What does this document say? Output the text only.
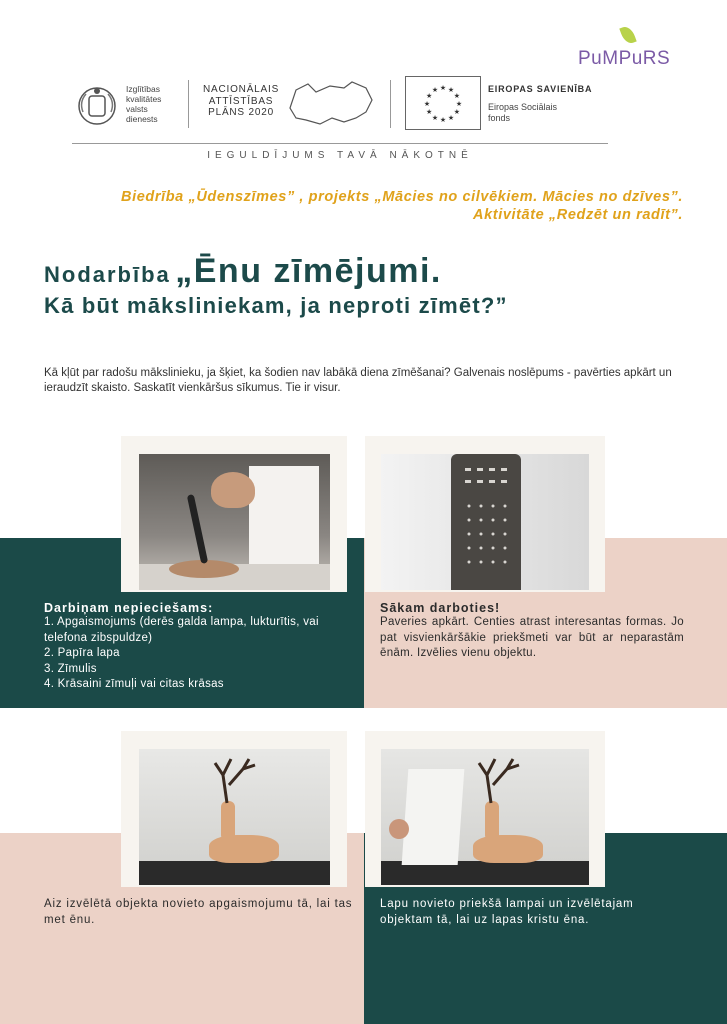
PuMPuRS
Izglītības
kvalitātes
valsts
dienests
NACIONĀLAIS
ATTĪSTĪBAS
PLĀNS 2020
★
★
★
★
★
★
★
★
★ ★ ★
★
EIROPAS SAVIENĪBA
Eiropas Sociālais
fonds
IEGULDĪJUMS TAVĀ NĀKOTNĒ
Biedrība „Ūdenszīmes” , projekts „Mācies no cilvēkiem. Mācies no dzīves”.
Aktivitāte „Redzēt un radīt”.
Nodarbība „Ēnu zīmējumi.
Kā būt māksliniekam, ja neproti zīmēt?”
Kā kļūt par radošu mākslinieku, ja šķiet, ka šodien nav labākā diena zīmēšanai? Galvenais noslēpums - pavērties apkārt un ieraudzīt skaisto. Saskatīt vienkāršus sīkumus. Tie ir visur.
Darbiņam nepieciešams:
1. Apgaismojums (derēs galda lampa, lukturītis, vai telefona zibspuldze)
2. Papīra lapa
3. Zīmulis
4. Krāsaini zīmuļi vai citas krāsas
Sākam darboties!
Paveries apkārt. Centies atrast interesantas formas. Jo pat visvienkāršākie priekšmeti var būt ar neparastām ēnām. Izvēlies vienu objektu.
Aiz izvēlētā objekta novieto apgaismojumu tā, lai tas met ēnu.
Lapu novieto priekšā lampai un izvēlētajam objektam tā, lai uz lapas kristu ēna.
